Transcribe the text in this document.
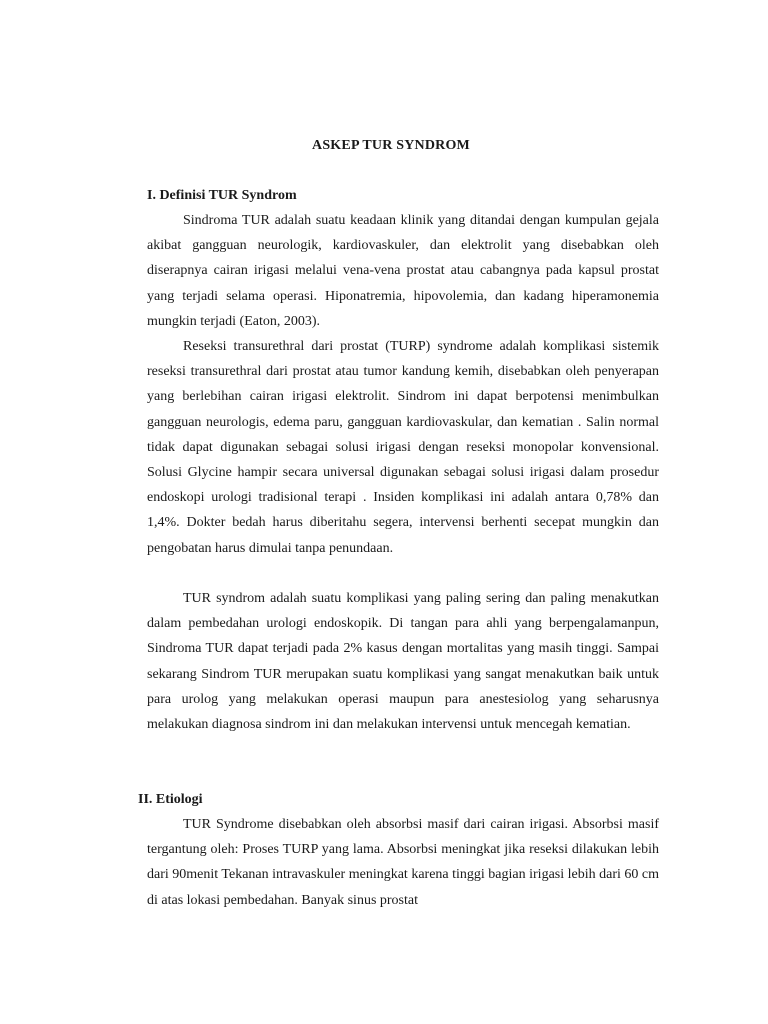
ASKEP TUR SYNDROM
I. Definisi TUR Syndrom

Sindroma TUR adalah suatu keadaan klinik yang ditandai dengan kumpulan gejala akibat gangguan neurologik, kardiovaskuler, dan elektrolit yang disebabkan oleh diserapnya cairan irigasi melalui vena-vena prostat atau cabangnya pada kapsul prostat yang terjadi selama operasi. Hiponatremia, hipovolemia, dan kadang hiperamonemia mungkin terjadi (Eaton, 2003).

Reseksi transurethral dari prostat (TURP) syndrome adalah komplikasi sistemik reseksi transurethral dari prostat atau tumor kandung kemih, disebabkan oleh penyerapan yang berlebihan cairan irigasi elektrolit. Sindrom ini dapat berpotensi menimbulkan gangguan neurologis, edema paru, gangguan kardiovaskular, dan kematian . Salin normal tidak dapat digunakan sebagai solusi irigasi dengan reseksi monopolar konvensional. Solusi Glycine hampir secara universal digunakan sebagai solusi irigasi dalam prosedur endoskopi urologi tradisional terapi . Insiden komplikasi ini adalah antara 0,78% dan 1,4%. Dokter bedah harus diberitahu segera, intervensi berhenti secepat mungkin dan pengobatan harus dimulai tanpa penundaan.

TUR syndrom adalah suatu komplikasi yang paling sering dan paling menakutkan dalam pembedahan urologi endoskopik. Di tangan para ahli yang berpengalamanpun, Sindroma TUR dapat terjadi pada 2% kasus dengan mortalitas yang masih tinggi. Sampai sekarang Sindrom TUR merupakan suatu komplikasi yang sangat menakutkan baik untuk para urolog yang melakukan operasi maupun para anestesiolog yang seharusnya melakukan diagnosa sindrom ini dan melakukan intervensi untuk mencegah kematian.

II. Etiologi

TUR Syndrome disebabkan oleh absorbsi masif dari cairan irigasi. Absorbsi masif tergantung oleh: Proses TURP yang lama. Absorbsi meningkat jika reseksi dilakukan lebih dari 90menit Tekanan intravaskuler meningkat karena tinggi bagian irigasi lebih dari 60 cm di atas lokasi pembedahan. Banyak sinus prostat
